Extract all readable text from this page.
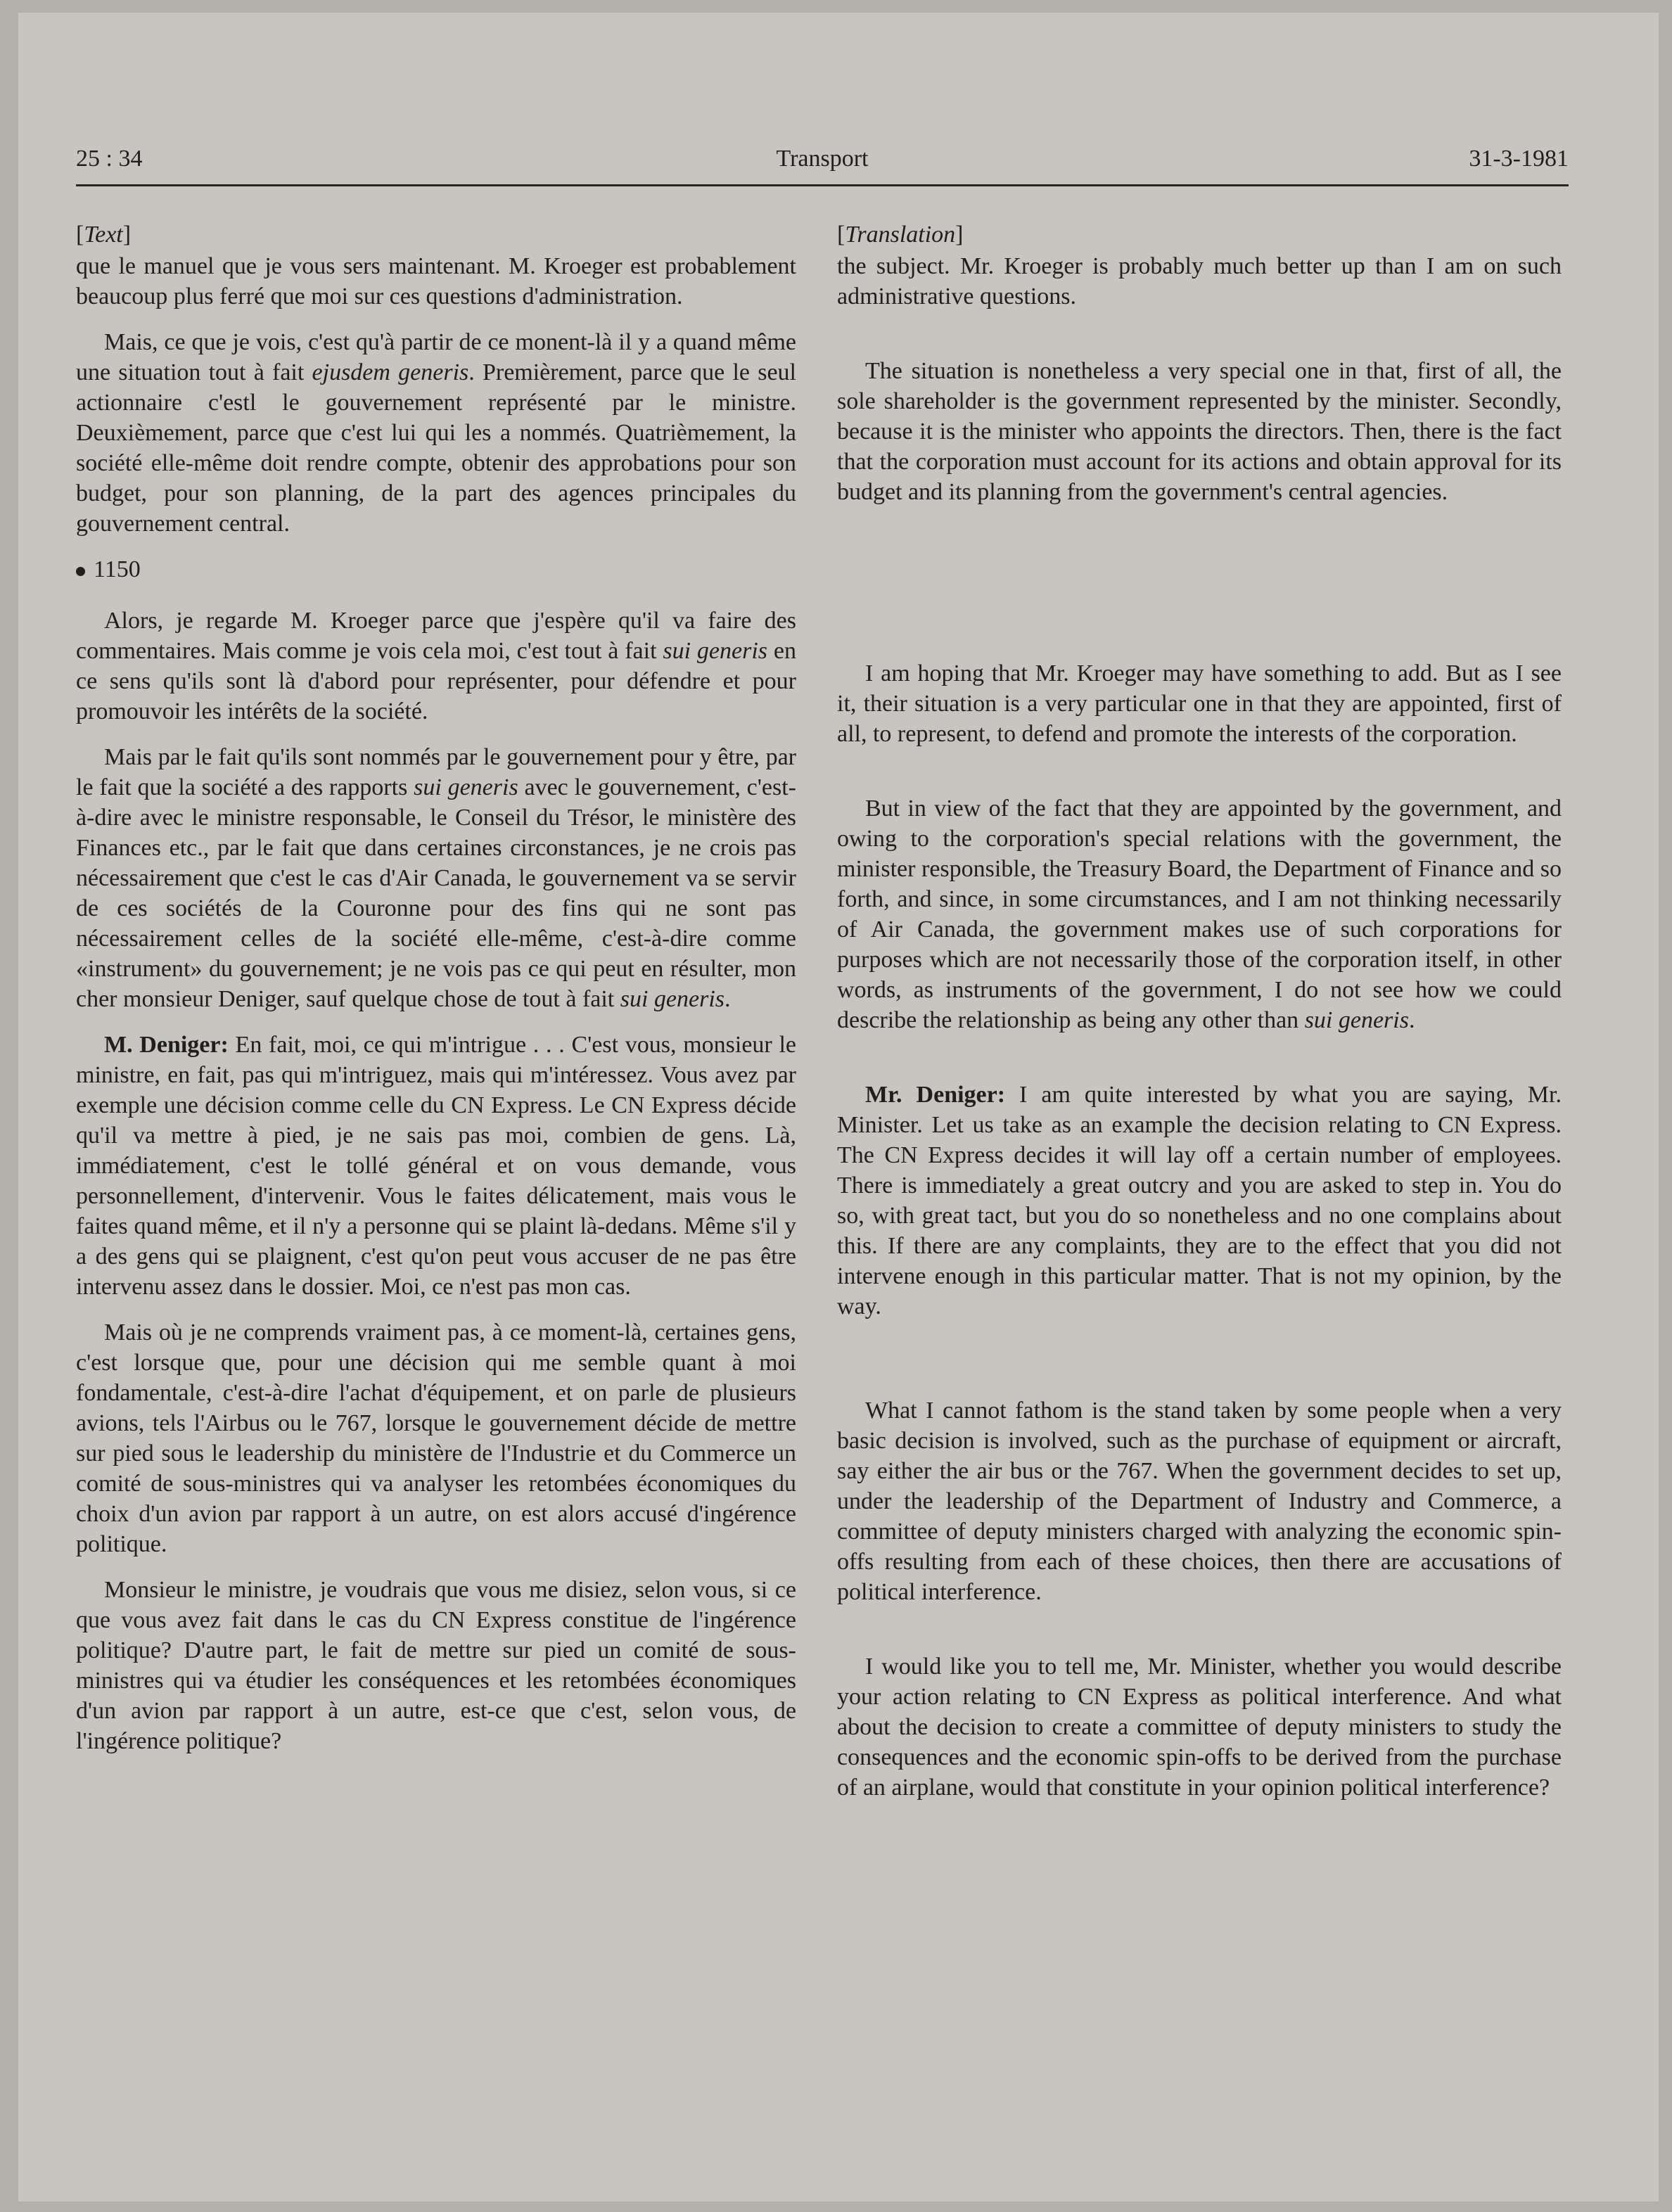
25 : 34	Transport	31-3-1981
[Text]

que le manuel que je vous sers maintenant. M. Kroeger est probablement beaucoup plus ferré que moi sur ces questions d'administration.

Mais, ce que je vois, c'est qu'à partir de ce monent-là il y a quand même une situation tout à fait ejusdem generis. Premièrement, parce que le seul actionnaire c'estl le gouvernement représenté par le ministre. Deuxièmement, parce que c'est lui qui les a nommés. Quatrièmement, la société elle-même doit rendre compte, obtenir des approbations pour son budget, pour son planning, de la part des agences principales du gouvernement central.

1150

Alors, je regarde M. Kroeger parce que j'espère qu'il va faire des commentaires. Mais comme je vois cela moi, c'est tout à fait sui generis en ce sens qu'ils sont là d'abord pour représenter, pour défendre et pour promouvoir les intérêts de la société.

Mais par le fait qu'ils sont nommés par le gouvernement pour y être, par le fait que la société a des rapports sui generis avec le gouvernement, c'est-à-dire avec le ministre responsable, le Conseil du Trésor, le ministère des Finances etc., par le fait que dans certaines circonstances, je ne crois pas nécessairement que c'est le cas d'Air Canada, le gouvernement va se servir de ces sociétés de la Couronne pour des fins qui ne sont pas nécessairement celles de la société elle-même, c'est-à-dire comme «instrument» du gouvernement; je ne vois pas ce qui peut en résulter, mon cher monsieur Deniger, sauf quelque chose de tout à fait sui generis.

M. Deniger: En fait, moi, ce qui m'intrigue . . . C'est vous, monsieur le ministre, en fait, pas qui m'intriguez, mais qui m'intéressez. Vous avez par exemple une décision comme celle du CN Express. Le CN Express décide qu'il va mettre à pied, je ne sais pas moi, combien de gens. Là, immédiatement, c'est le tollé général et on vous demande, vous personnellement, d'intervenir. Vous le faites délicatement, mais vous le faites quand même, et il n'y a personne qui se plaint là-dedans. Même s'il y a des gens qui se plaignent, c'est qu'on peut vous accuser de ne pas être intervenu assez dans le dossier. Moi, ce n'est pas mon cas.

Mais où je ne comprends vraiment pas, à ce moment-là, certaines gens, c'est lorsque que, pour une décision qui me semble quant à moi fondamentale, c'est-à-dire l'achat d'équipement, et on parle de plusieurs avions, tels l'Airbus ou le 767, lorsque le gouvernement décide de mettre sur pied sous le leadership du ministère de l'Industrie et du Commerce un comité de sous-ministres qui va analyser les retombées économiques du choix d'un avion par rapport à un autre, on est alors accusé d'ingérence politique.

Monsieur le ministre, je voudrais que vous me disiez, selon vous, si ce que vous avez fait dans le cas du CN Express constitue de l'ingérence politique? D'autre part, le fait de mettre sur pied un comité de sous-ministres qui va étudier les conséquences et les retombées économiques d'un avion par rapport à un autre, est-ce que c'est, selon vous, de l'ingérence politique?

[Translation]

the subject. Mr. Kroeger is probably much better up than I am on such administrative questions.

The situation is nonetheless a very special one in that, first of all, the sole shareholder is the government represented by the minister. Secondly, because it is the minister who appoints the directors. Then, there is the fact that the corporation must account for its actions and obtain approval for its budget and its planning from the government's central agencies.

I am hoping that Mr. Kroeger may have something to add. But as I see it, their situation is a very particular one in that they are appointed, first of all, to represent, to defend and promote the interests of the corporation.

But in view of the fact that they are appointed by the government, and owing to the corporation's special relations with the government, the minister responsible, the Treasury Board, the Department of Finance and so forth, and since, in some circumstances, and I am not thinking necessarily of Air Canada, the government makes use of such corporations for purposes which are not necessarily those of the corporation itself, in other words, as instruments of the government, I do not see how we could describe the relationship as being any other than sui generis.

Mr. Deniger: I am quite interested by what you are saying, Mr. Minister. Let us take as an example the decision relating to CN Express. The CN Express decides it will lay off a certain number of employees. There is immediately a great outcry and you are asked to step in. You do so, with great tact, but you do so nonetheless and no one complains about this. If there are any complaints, they are to the effect that you did not intervene enough in this particular matter. That is not my opinion, by the way.

What I cannot fathom is the stand taken by some people when a very basic decision is involved, such as the purchase of equipment or aircraft, say either the air bus or the 767. When the government decides to set up, under the leadership of the Department of Industry and Commerce, a committee of deputy ministers charged with analyzing the economic spin-offs resulting from each of these choices, then there are accusations of political interference.

I would like you to tell me, Mr. Minister, whether you would describe your action relating to CN Express as political interference. And what about the decision to create a committee of deputy ministers to study the consequences and the economic spin-offs to be derived from the purchase of an airplane, would that constitute in your opinion political interference?
